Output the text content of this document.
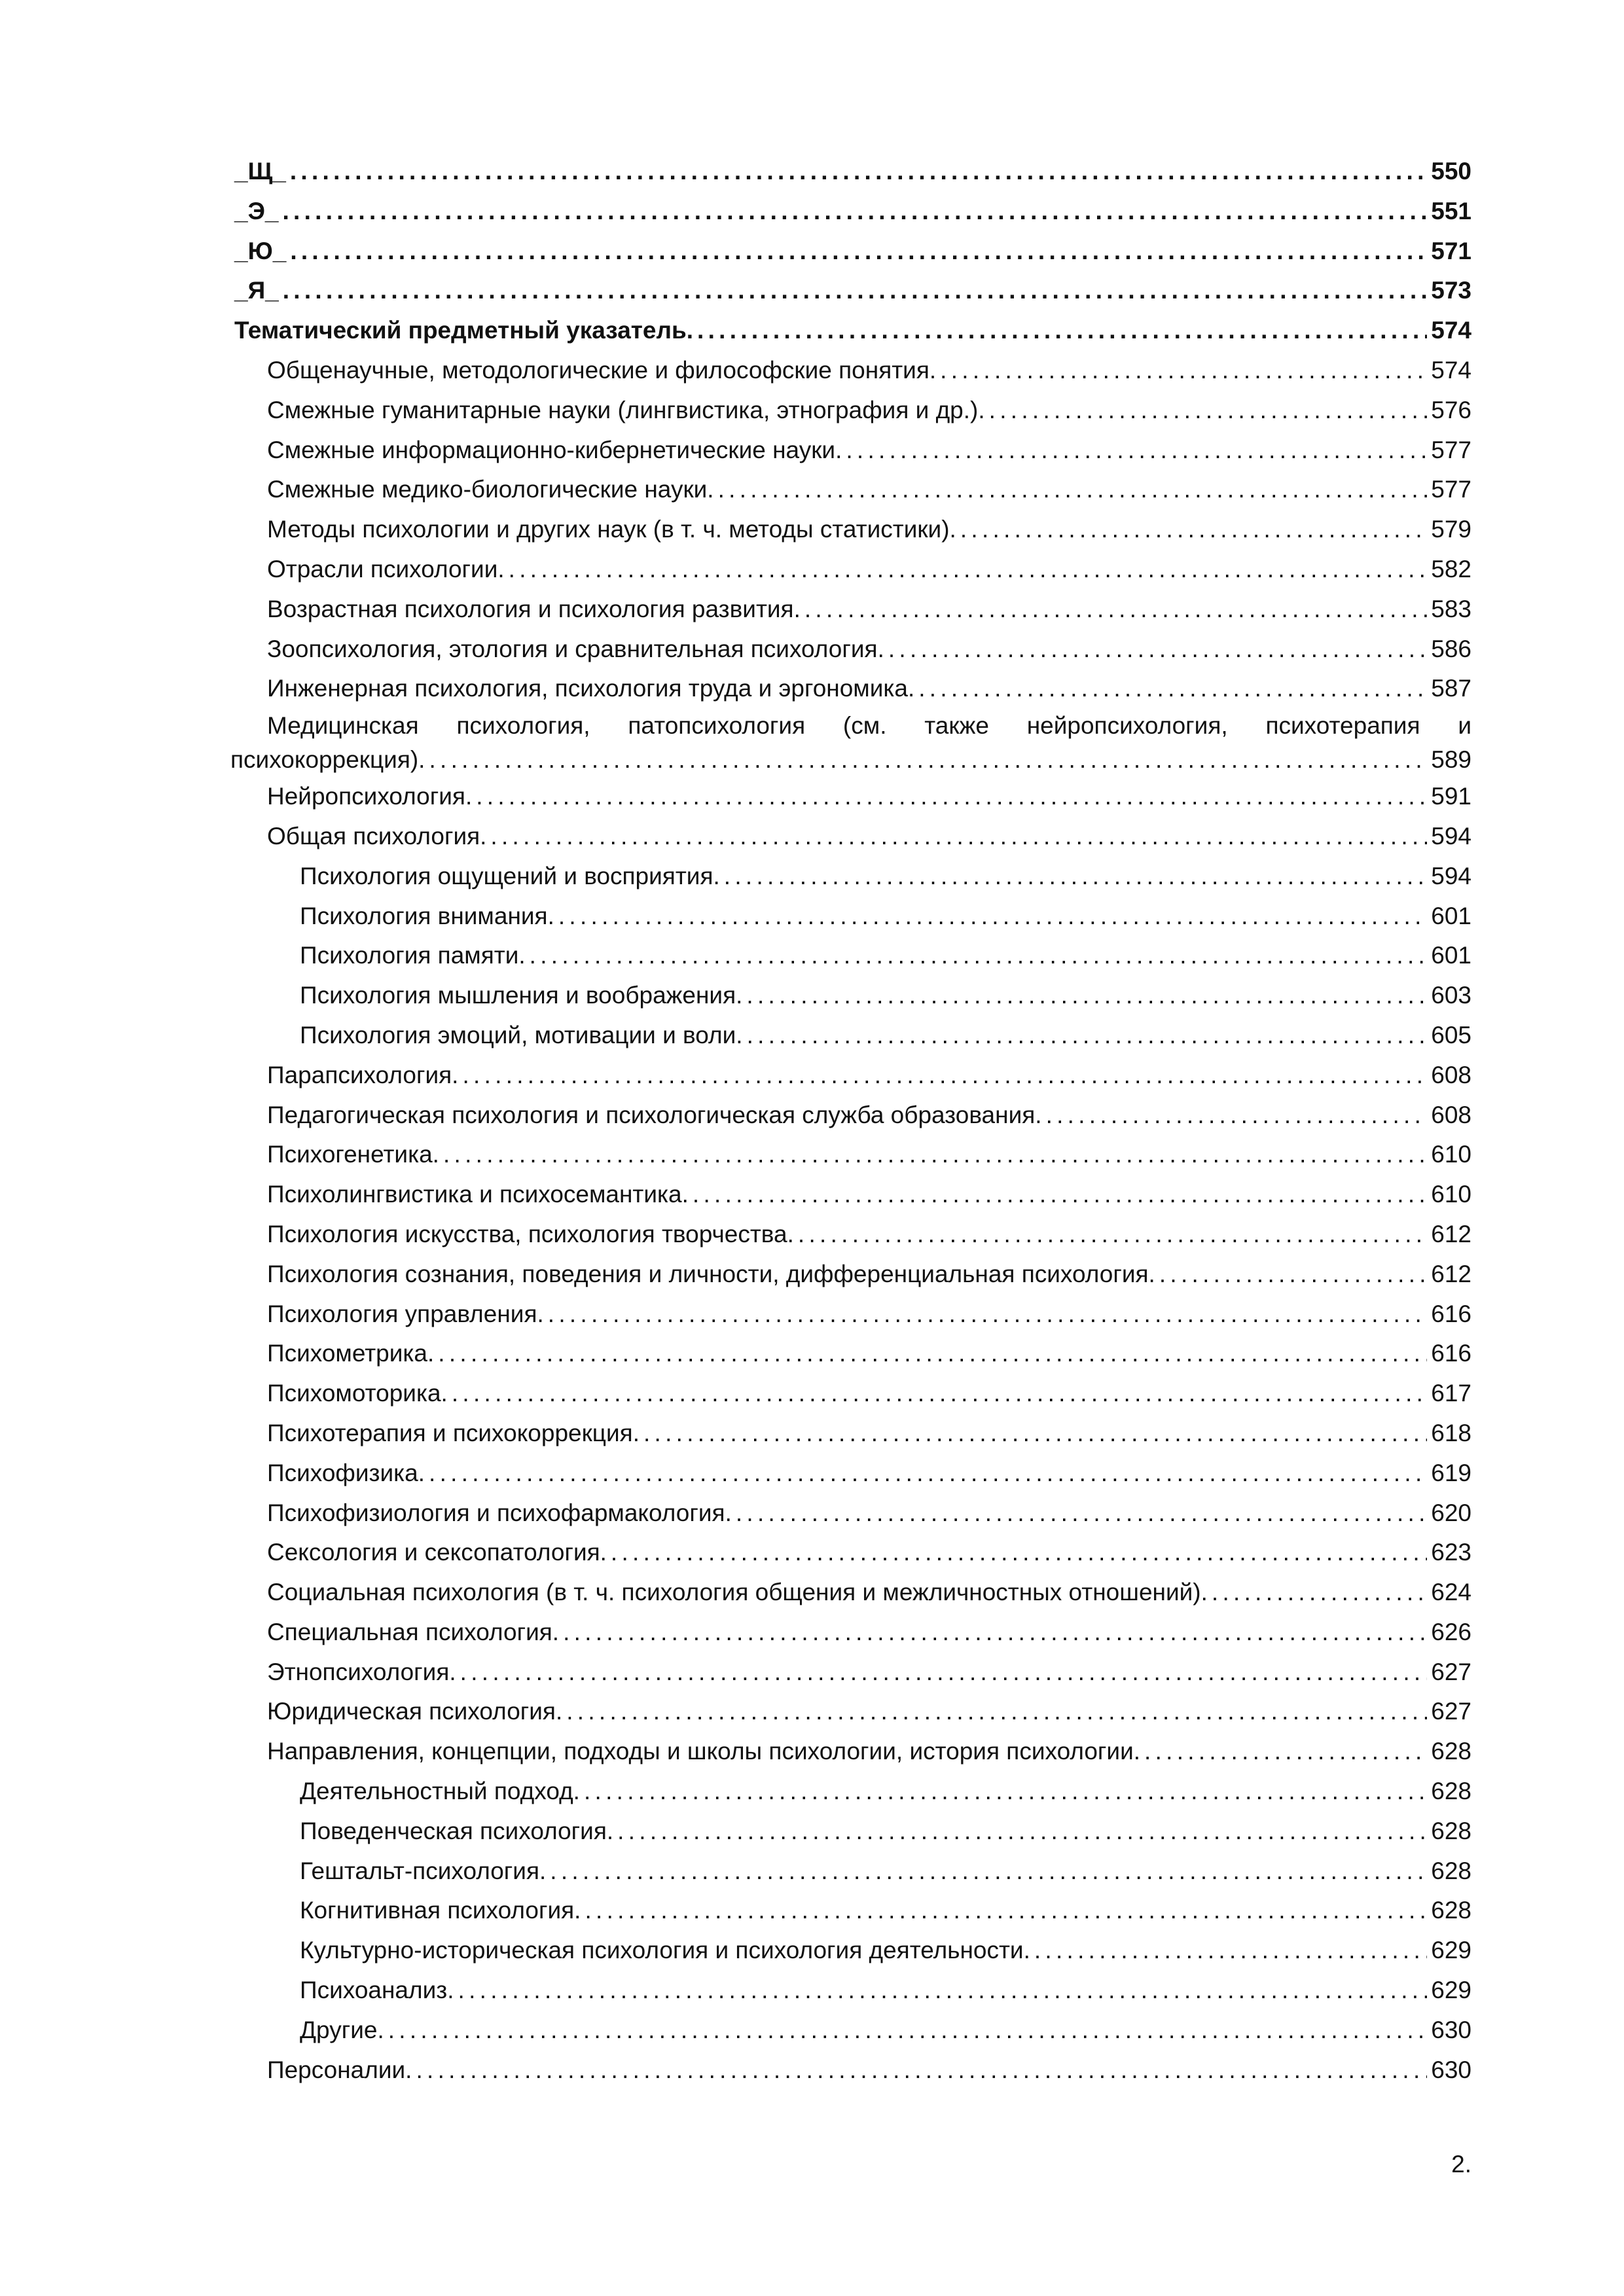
_Щ_ . . .	550
_Э_ . . .	551
_Ю_ . . .	571
_Я_ . . .	573
Тематический предметный указатель. . . .	574
Общенаучные, методологические и философские понятия. . . .	574
Смежные гуманитарные науки (лингвистика, этнография и др.). . . .	576
Смежные информационно-кибернетические науки. . . .	577
Смежные медико-биологические науки. . . .	577
Методы психологии и других наук (в т. ч. методы статистики). . . .	579
Отрасли психологии. . . .	582
Возрастная психология и психология развития. . . .	583
Зоопсихология, этология и сравнительная психология. . . .	586
Инженерная психология, психология труда и эргономика. . . .	587
Медицинская психология, патопсихология (см. также нейропсихология, психотерапия и
психокоррекция). . . .	589
Нейропсихология. . . .	591
Общая психология. . . .	594
Психология ощущений и восприятия. . . .	594
Психология внимания. . . .	601
Психология памяти. . . .	601
Психология мышления и воображения. . . .	603
Психология эмоций, мотивации и воли. . . .	605
Парапсихология. . . .	608
Педагогическая психология и психологическая служба образования. . . .	608
Психогенетика. . . .	610
Психолингвистика и психосемантика. . . .	610
Психология искусства, психология творчества. . . .	612
Психология сознания, поведения и личности, дифференциальная психология. . . .	612
Психология управления. . . .	616
Психометрика. . . .	616
Психомоторика. . . .	617
Психотерапия и психокоррекция. . . .	618
Психофизика. . . .	619
Психофизиология и психофармакология. . . .	620
Сексология и сексопатология. . . .	623
Социальная психология (в т. ч. психология общения и межличностных отношений). . . .	624
Специальная психология. . . .	626
Этнопсихология. . . .	627
Юридическая психология. . . .	627
Направления, концепции, подходы и школы психологии, история психологии. . . .	628
Деятельностный подход. . . .	628
Поведенческая психология. . . .	628
Гештальт-психология. . . .	628
Когнитивная психология. . . .	628
Культурно-историческая психология и психология деятельности. . . .	629
Психоанализ. . . .	629
Другие. . . .	630
Персоналии. . . .	630
2.
